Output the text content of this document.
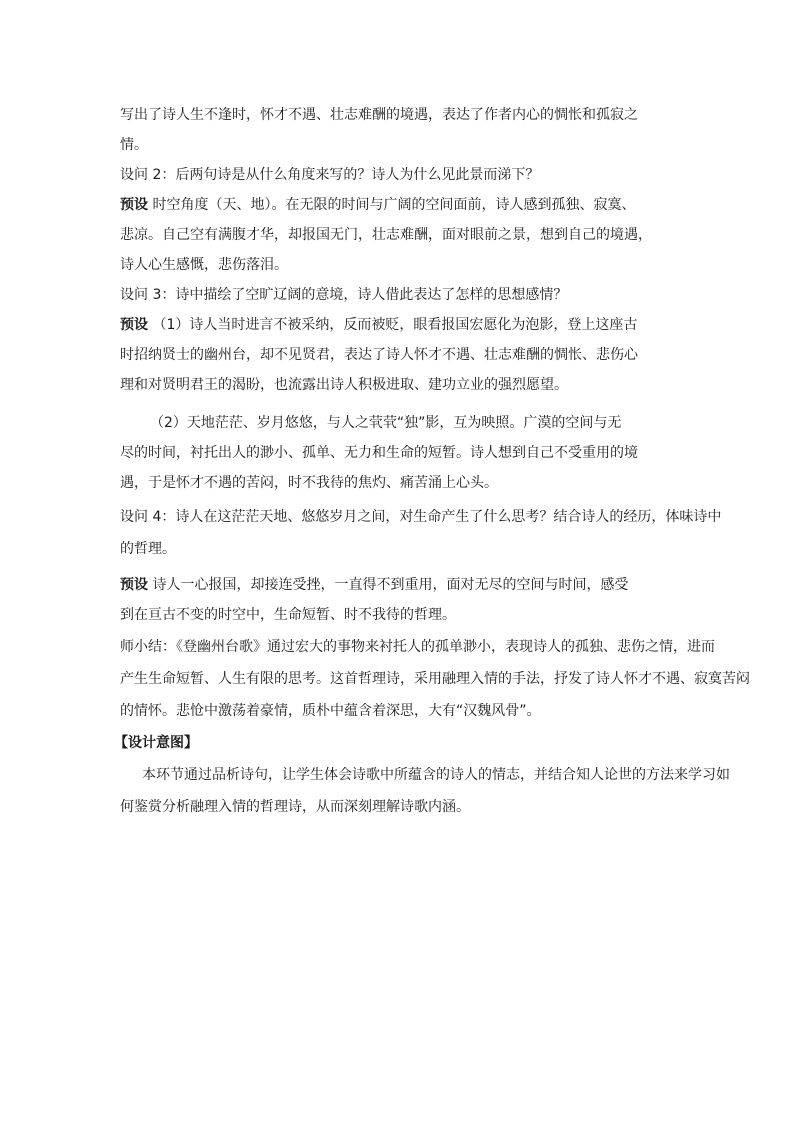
写出了诗人生不逢时，怀才不遇、壮志难酬的境遇，表达了作者内心的惆怅和孤寂之
情。
设问 2：后两句诗是从什么角度来写的？诗人为什么见此景而涕下？
预设 时空角度（天、地）。在无限的时间与广阔的空间面前，诗人感到孤独、寂寞、
悲凉。自己空有满腹才华，却报国无门，壮志难酬，面对眼前之景，想到自己的境遇，
诗人心生感慨，悲伤落泪。
设问 3：诗中描绘了空旷辽阔的意境，诗人借此表达了怎样的思想感情？
预设 （1）诗人当时进言不被采纳，反而被贬，眼看报国宏愿化为泡影，登上这座古
时招纳贤士的幽州台，却不见贤君，表达了诗人怀才不遇、壮志难酬的惆怅、悲伤心
理和对贤明君王的渴盼，也流露出诗人积极进取、建功立业的强烈愿望。
（2）天地茫茫、岁月悠悠，与人之茕茕“独”影，互为映照。广漠的空间与无
尽的时间，衬托出人的渺小、孤单、无力和生命的短暂。诗人想到自己不受重用的境
遇，于是怀才不遇的苦闷，时不我待的焦灼、痛苦涌上心头。
设问 4：诗人在这茫茫天地、悠悠岁月之间，对生命产生了什么思考？结合诗人的经历，体味诗中
的哲理。
预设 诗人一心报国，却接连受挫，一直得不到重用，面对无尽的空间与时间，感受
到在亘古不变的时空中，生命短暂、时不我待的哲理。
师小结：《登幽州台歌》通过宏大的事物来衬托人的孤单渺小，表现诗人的孤独、悲伤之情，进而
产生生命短暂、人生有限的思考。这首哲理诗，采用融理入情的手法，抒发了诗人怀才不遇、寂寞苦闷
的情怀。悲怆中激荡着豪情，质朴中蕴含着深思，大有“汉魏风骨”。
【设计意图】
本环节通过品析诗句，让学生体会诗歌中所蕴含的诗人的情志，并结合知人论世的方法来学习如
何鉴赏分析融理入情的哲理诗，从而深刻理解诗歌内涵。
